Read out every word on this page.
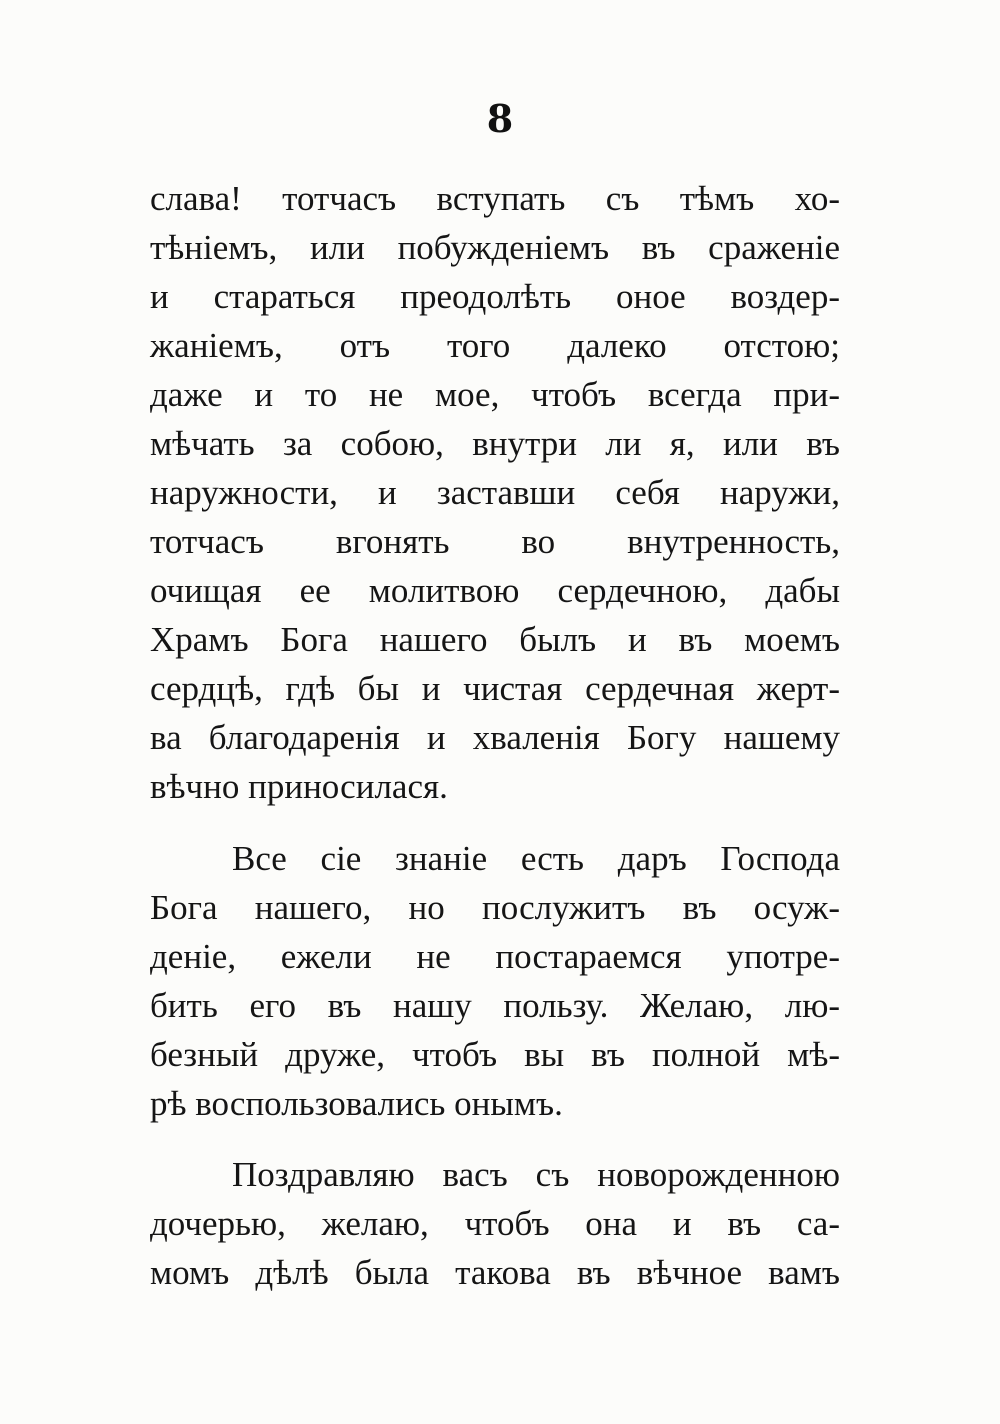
8
слава! тотчасъ вступать съ тѣмъ хо-
тѣніемъ, или побужденіемъ въ сраженіе
и стараться преодолѣть оное воздер-
жаніемъ, отъ того далеко отстою;
даже и то не мое, чтобъ всегда при-
мѣчать за собою, внутри ли я, или въ
наружности, и заставши себя наружи,
тотчасъ вгонять во внутренность,
очищая ее молитвою сердечною, дабы
Храмъ Бога нашего былъ и въ моемъ
сердцѣ, гдѣ бы и чистая сердечная жерт-
ва благодаренія и хваленія Богу нашему
вѣчно приносилася.
Все сіе знаніе есть даръ Господа
Бога нашего, но послужитъ въ осуж-
деніе, ежели не постараемся употре-
бить его въ нашу пользу. Желаю, лю-
безный друже, чтобъ вы въ полной мѣ-
рѣ воспользовались онымъ.
Поздравляю васъ съ новорожденною
дочерью, желаю, чтобъ она и въ са-
момъ дѣлѣ была такова въ вѣчное вамъ
